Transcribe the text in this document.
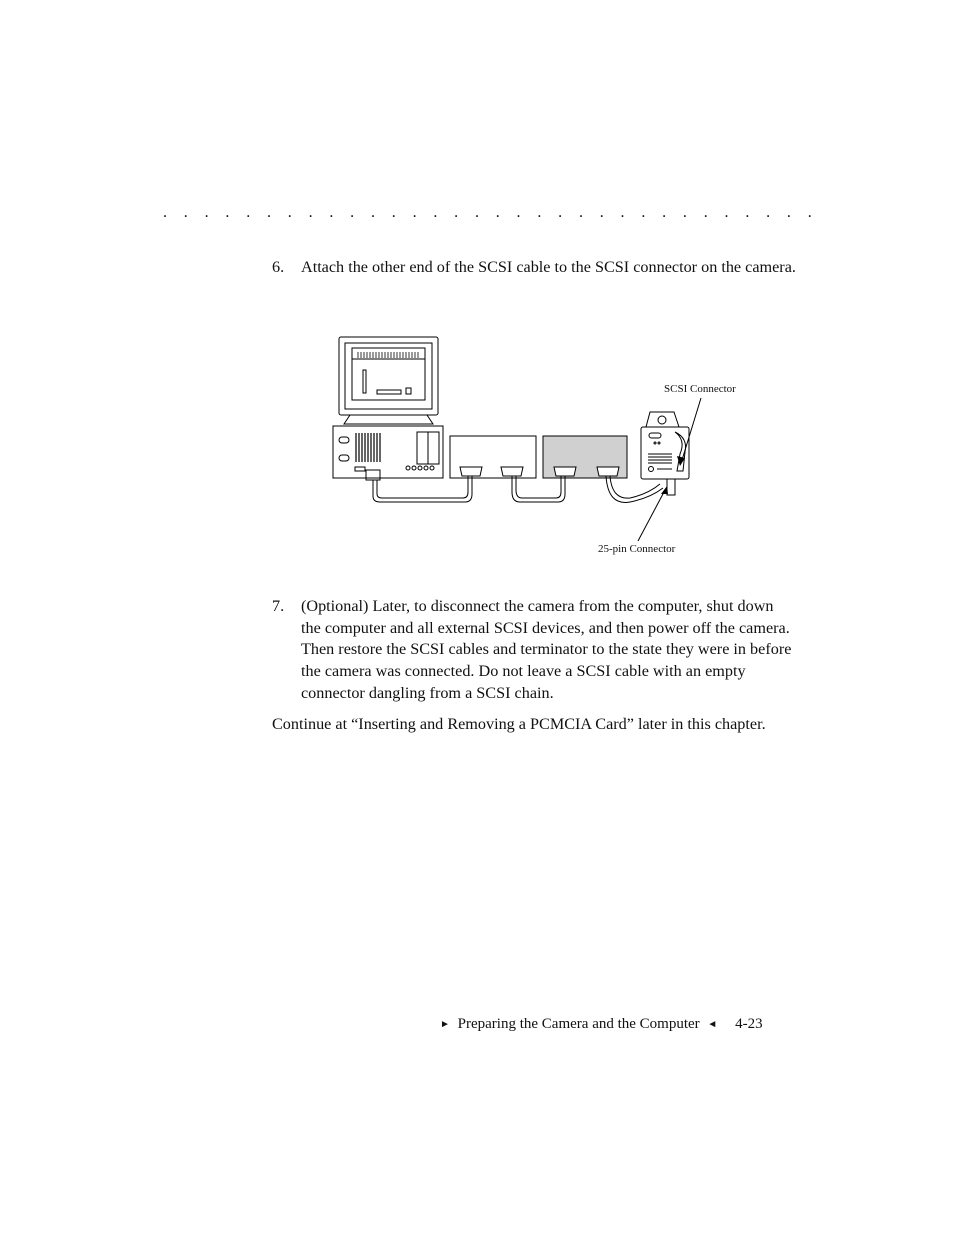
. . . . . . . . . . . . . . . . . . . . . . . . . . . . . . . .
6. Attach the other end of the SCSI cable to the SCSI connector on the camera.
SCSI Connector
25-pin Connector
7. (Optional) Later, to disconnect the camera from the computer, shut down the computer and all external SCSI devices, and then power off the camera. Then restore the SCSI cables and terminator to the state they were in before the camera was connected. Do not leave a SCSI cable with an empty connector dangling from a SCSI chain.
Continue at “Inserting and Removing a PCMCIA Card” later in this chapter.
► Preparing the Camera and the Computer ◄ 4-23
